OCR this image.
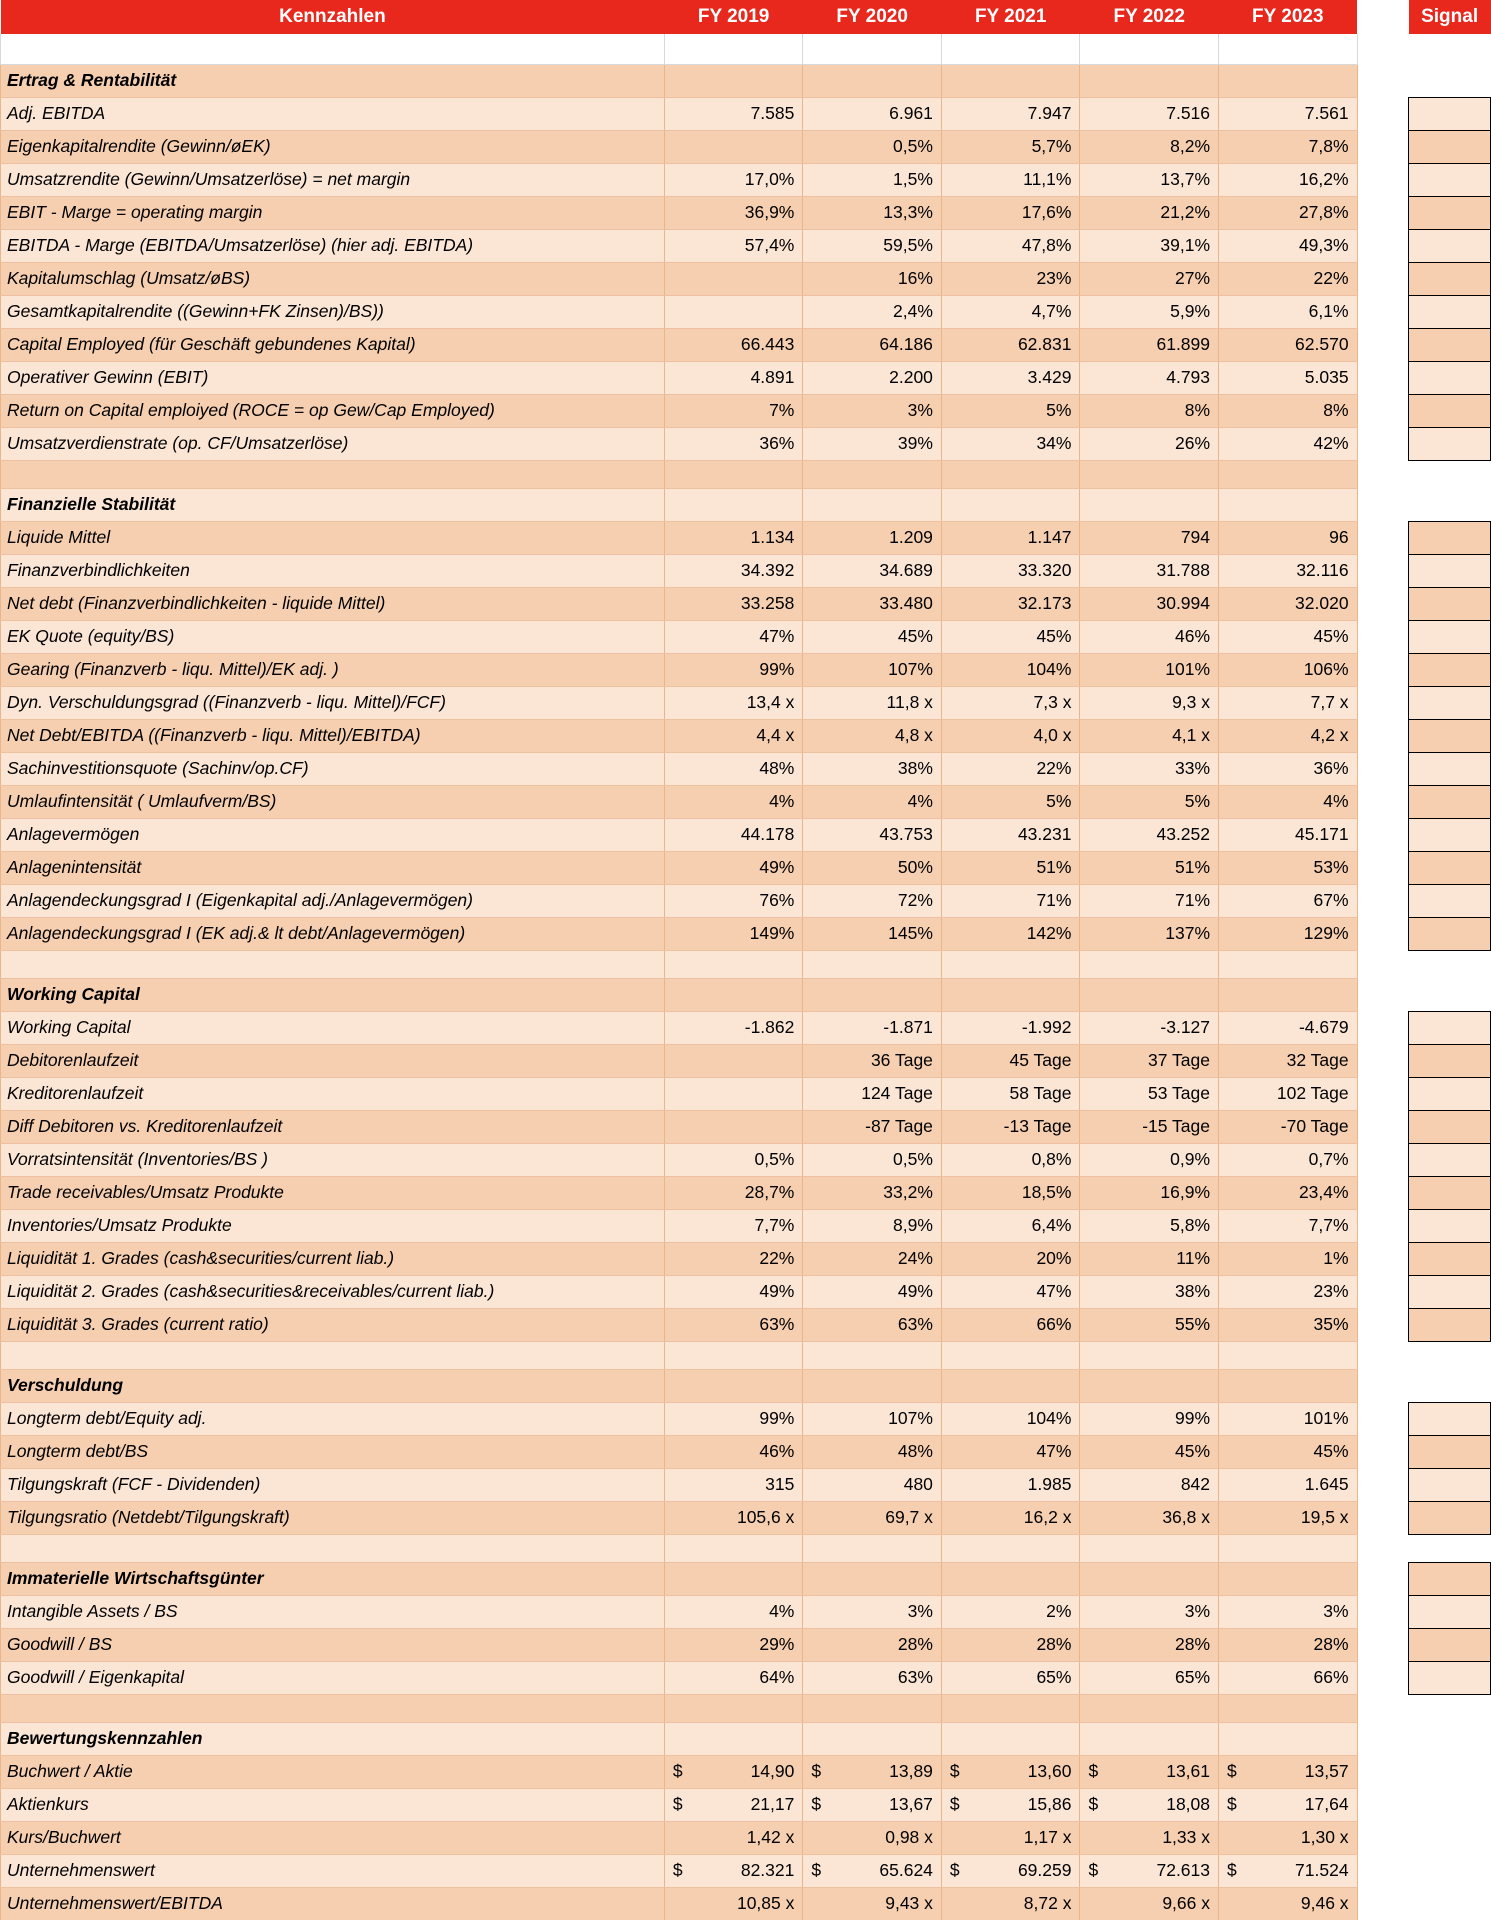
Kennzahlen	FY 2019	FY 2020	FY 2021	FY 2022	FY 2023		Signal

Ertrag & Rentabilität							
Adj. EBITDA	7.585	6.961	7.947	7.516	7.561		
Eigenkapitalrendite (Gewinn/øEK)		0,5%	5,7%	8,2%	7,8%		
Umsatzrendite (Gewinn/Umsatzerlöse) = net margin	17,0%	1,5%	11,1%	13,7%	16,2%		
EBIT - Marge = operating margin	36,9%	13,3%	17,6%	21,2%	27,8%		
EBITDA - Marge (EBITDA/Umsatzerlöse) (hier adj. EBITDA)	57,4%	59,5%	47,8%	39,1%	49,3%		
Kapitalumschlag (Umsatz/øBS)		16%	23%	27%	22%		
Gesamtkapitalrendite ((Gewinn+FK Zinsen)/BS))		2,4%	4,7%	5,9%	6,1%		
Capital Employed (für Geschäft gebundenes Kapital)	66.443	64.186	62.831	61.899	62.570		
Operativer Gewinn (EBIT)	4.891	2.200	3.429	4.793	5.035		
Return on Capital emploiyed (ROCE = op Gew/Cap Employed)	7%	3%	5%	8%	8%		
Umsatzverdienstrate (op. CF/Umsatzerlöse)	36%	39%	34%	26%	42%		

Finanzielle Stabilität							
Liquide Mittel	1.134	1.209	1.147	794	96		
Finanzverbindlichkeiten	34.392	34.689	33.320	31.788	32.116		
Net debt (Finanzverbindlichkeiten - liquide Mittel)	33.258	33.480	32.173	30.994	32.020		
EK Quote (equity/BS)	47%	45%	45%	46%	45%		
Gearing (Finanzverb - liqu. Mittel)/EK adj. )	99%	107%	104%	101%	106%		
Dyn. Verschuldungsgrad ((Finanzverb - liqu. Mittel)/FCF)	13,4 x	11,8 x	7,3 x	9,3 x	7,7 x		
Net Debt/EBITDA ((Finanzverb - liqu. Mittel)/EBITDA)	4,4 x	4,8 x	4,0 x	4,1 x	4,2 x		
Sachinvestitionsquote (Sachinv/op.CF)	48%	38%	22%	33%	36%		
Umlaufintensität ( Umlaufverm/BS)	4%	4%	5%	5%	4%		
Anlagevermögen	44.178	43.753	43.231	43.252	45.171		
Anlagenintensität	49%	50%	51%	51%	53%		
Anlagendeckungsgrad I (Eigenkapital adj./Anlagevermögen)	76%	72%	71%	71%	67%		
Anlagendeckungsgrad I (EK adj.& lt debt/Anlagevermögen)	149%	145%	142%	137%	129%		

Working Capital							
Working Capital	-1.862	-1.871	-1.992	-3.127	-4.679		
Debitorenlaufzeit		36 Tage	45 Tage	37 Tage	32 Tage		
Kreditorenlaufzeit		124 Tage	58 Tage	53 Tage	102 Tage		
Diff Debitoren vs. Kreditorenlaufzeit		-87 Tage	-13 Tage	-15 Tage	-70 Tage		
Vorratsintensität (Inventories/BS )	0,5%	0,5%	0,8%	0,9%	0,7%		
Trade receivables/Umsatz Produkte	28,7%	33,2%	18,5%	16,9%	23,4%		
Inventories/Umsatz Produkte	7,7%	8,9%	6,4%	5,8%	7,7%		
Liquidität 1. Grades (cash&securities/current liab.)	22%	24%	20%	11%	1%		
Liquidität 2. Grades (cash&securities&receivables/current liab.)	49%	49%	47%	38%	23%		
Liquidität 3. Grades (current ratio)	63%	63%	66%	55%	35%		

Verschuldung							
Longterm debt/Equity adj.	99%	107%	104%	99%	101%		
Longterm debt/BS	46%	48%	47%	45%	45%		
Tilgungskraft (FCF - Dividenden)	315	480	1.985	842	1.645		
Tilgungsratio (Netdebt/Tilgungskraft)	105,6 x	69,7 x	16,2 x	36,8 x	19,5 x		

Immaterielle Wirtschaftsgünter							
Intangible Assets / BS	4%	3%	2%	3%	3%		
Goodwill / BS	29%	28%	28%	28%	28%		
Goodwill / Eigenkapital	64%	63%	65%	65%	66%		

Bewertungskennzahlen							
Buchwert / Aktie	$ 14,90	$ 13,89	$ 13,60	$ 13,61	$ 13,57		

Aktienkurs	$ 21,17	$ 13,67	$ 15,86	$ 18,08	$ 17,64		

Kurs/Buchwert	1,42 x	0,98 x	1,17 x	1,33 x	1,30 x		
Unternehmenswert	$ 82.321	$ 65.624	$ 69.259	$ 72.613	$ 71.524		

Unternehmenswert/EBITDA	10,85 x	9,43 x	8,72 x	9,66 x	9,46 x		
